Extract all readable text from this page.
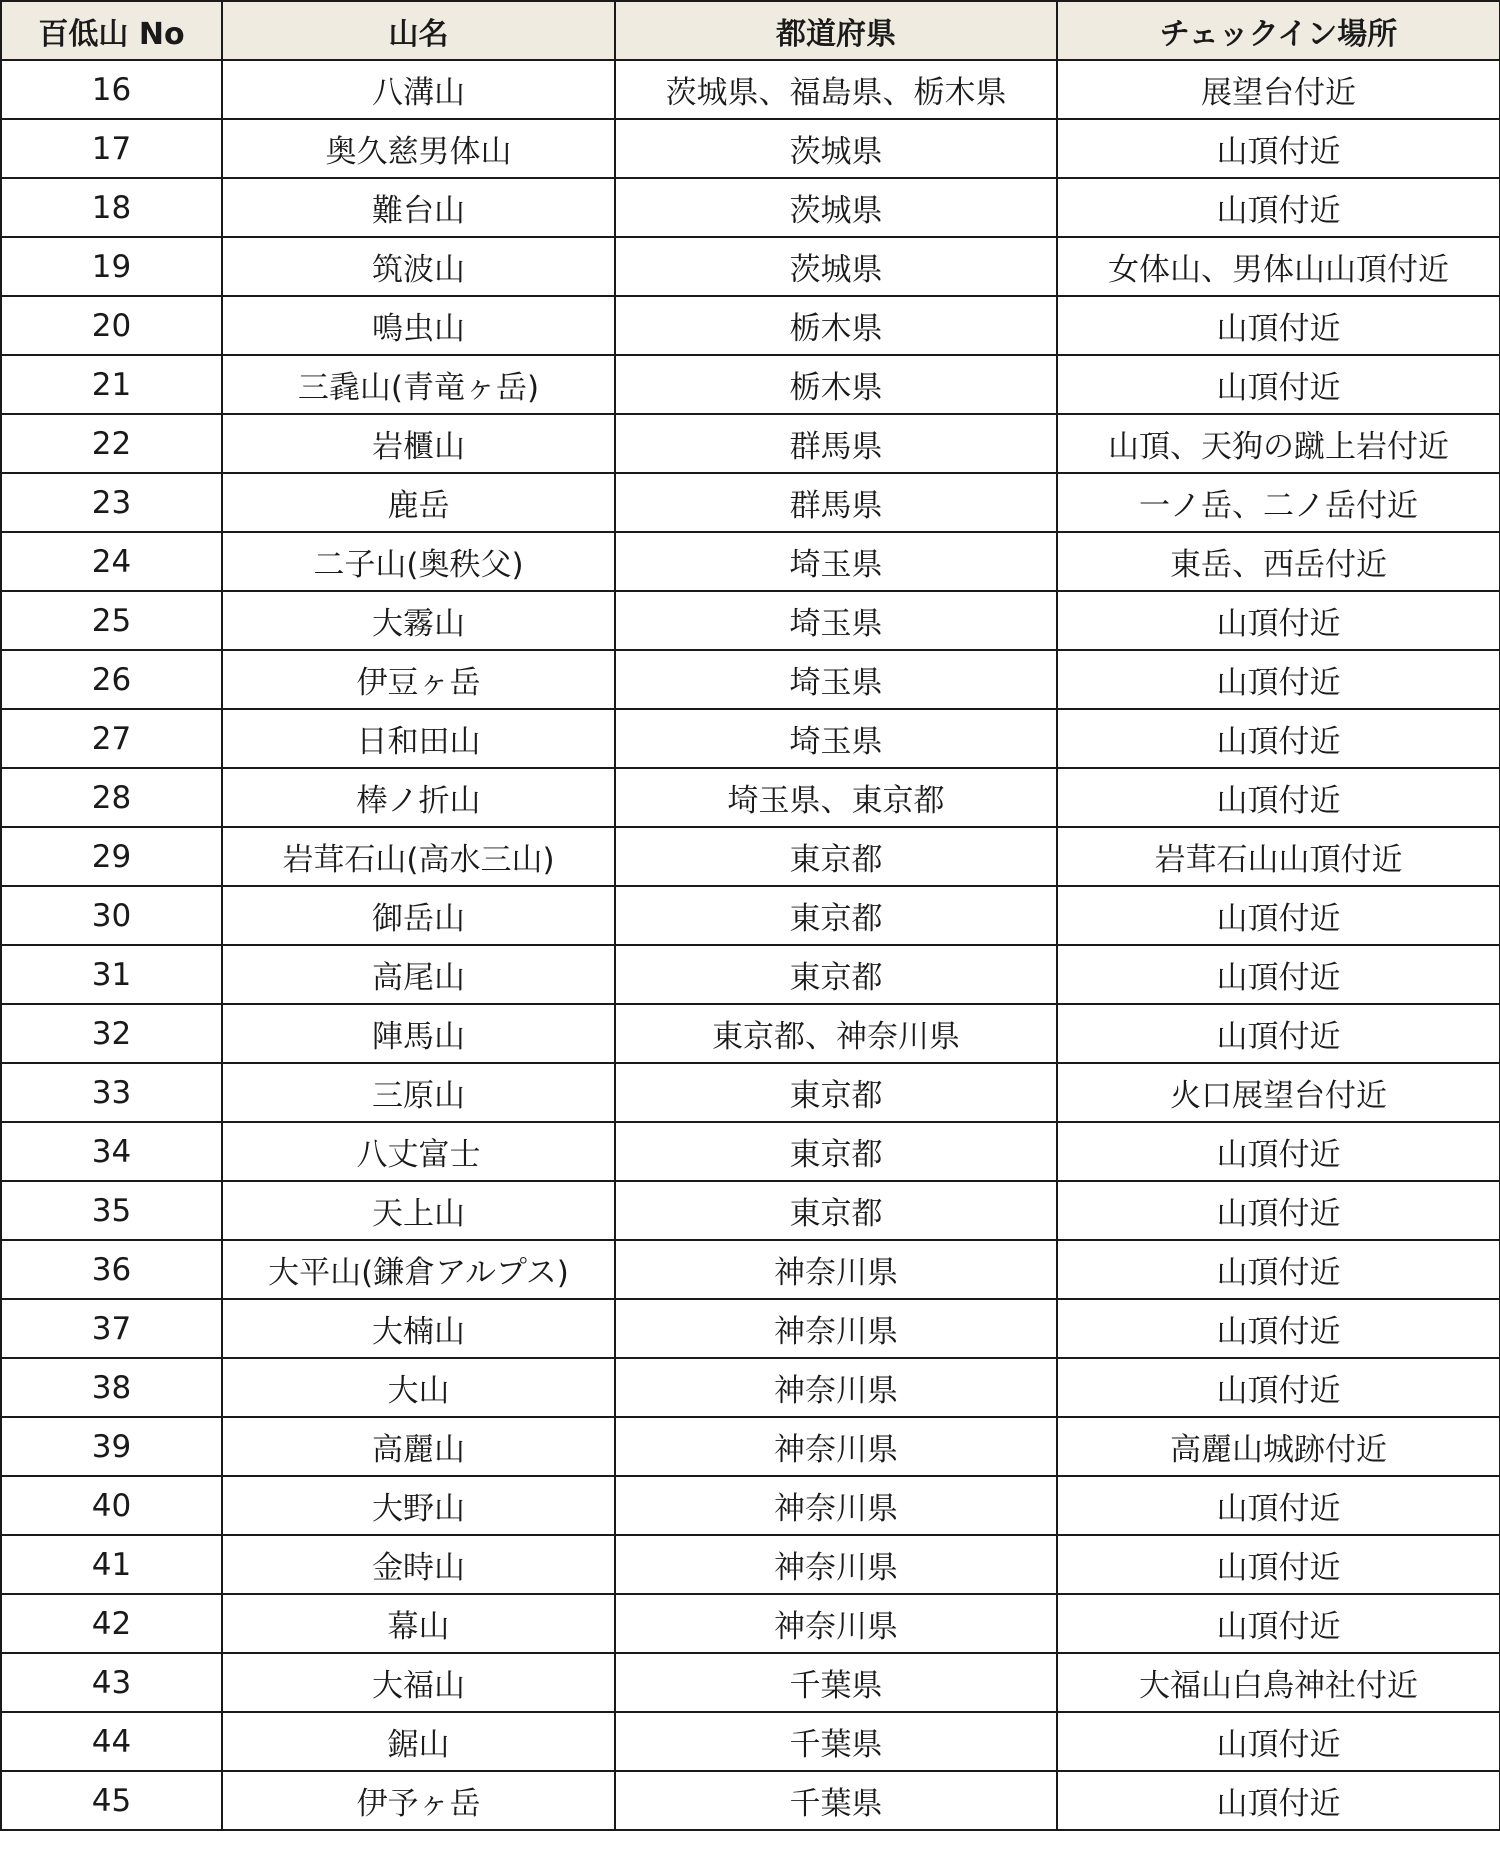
百低山 No	山名	都道府県	チェックイン場所
16	八溝山	茨城県、福島県、栃木県	展望台付近
17	奥久慈男体山	茨城県	山頂付近
18	難台山	茨城県	山頂付近
19	筑波山	茨城県	女体山、男体山山頂付近
20	鳴虫山	栃木県	山頂付近
21	三毳山(青竜ヶ岳)	栃木県	山頂付近
22	岩櫃山	群馬県	山頂、天狗の蹴上岩付近
23	鹿岳	群馬県	一ノ岳、二ノ岳付近
24	二子山(奥秩父)	埼玉県	東岳、西岳付近
25	大霧山	埼玉県	山頂付近
26	伊豆ヶ岳	埼玉県	山頂付近
27	日和田山	埼玉県	山頂付近
28	棒ノ折山	埼玉県、東京都	山頂付近
29	岩茸石山(高水三山)	東京都	岩茸石山山頂付近
30	御岳山	東京都	山頂付近
31	高尾山	東京都	山頂付近
32	陣馬山	東京都、神奈川県	山頂付近
33	三原山	東京都	火口展望台付近
34	八丈富士	東京都	山頂付近
35	天上山	東京都	山頂付近
36	大平山(鎌倉アルプス)	神奈川県	山頂付近
37	大楠山	神奈川県	山頂付近
38	大山	神奈川県	山頂付近
39	高麗山	神奈川県	高麗山城跡付近
40	大野山	神奈川県	山頂付近
41	金時山	神奈川県	山頂付近
42	幕山	神奈川県	山頂付近
43	大福山	千葉県	大福山白鳥神社付近
44	鋸山	千葉県	山頂付近
45	伊予ヶ岳	千葉県	山頂付近
